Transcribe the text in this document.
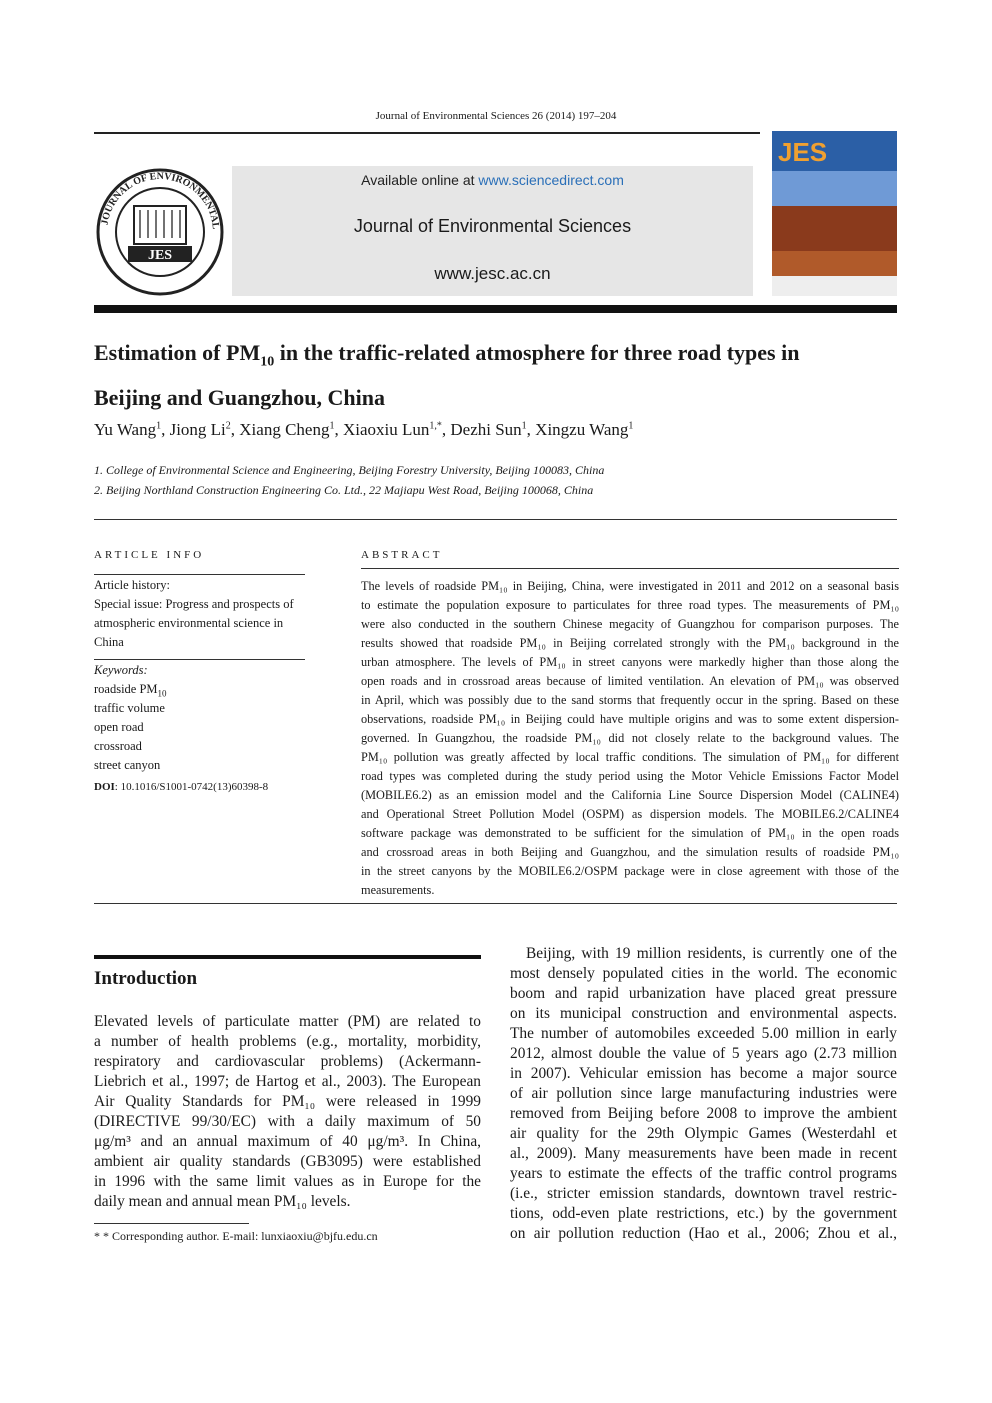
Journal of Environmental Sciences 26 (2014) 197–204
JOURNAL OF ENVIRONMENTAL
JES
Available online at www.sciencedirect.com
Journal of Environmental Sciences
www.jesc.ac.cn
JES
Estimation of $PM_{10}$ in the traffic-related atmosphere for three road types in
Beijing and Guangzhou, China
Yu Wang$^1$, Jiong Li$^2$, Xiang Cheng$^1$, Xiaoxiu Lun$^{1,*}$, Dezhi Sun$^1$, Xingzu Wang$^1$
1. College of Environmental Science and Engineering, Beijing Forestry University, Beijing 100083, China
2. Beijing Northland Construction Engineering Co. Ltd., 22 Majiapu West Road, Beijing 100068, China
ARTICLE INFO
Article history:
Special issue: Progress and prospects of atmospheric environmental science in China
Keywords:
roadside $PM_{10}$
traffic volume
open road
crossroad
street canyon
DOI: 10.1016/S1001-0742(13)60398-8
ABSTRACT
The levels of roadside PM₁₀ in Beijing, China, were investigated in 2011 and 2012 on a seasonal basis
to estimate the population exposure to particulates for three road types. The measurements of PM₁₀
were also conducted in the southern Chinese megacity of Guangzhou for comparison purposes. The
results showed that roadside PM₁₀ in Beijing correlated strongly with the PM₁₀ background in the
urban atmosphere. The levels of PM₁₀ in street canyons were markedly higher than those along the
open roads and in crossroad areas because of limited ventilation. An elevation of PM₁₀ was observed
in April, which was possibly due to the sand storms that frequently occur in the spring. Based on these
observations, roadside PM₁₀ in Beijing could have multiple origins and was to some extent dispersion-
governed. In Guangzhou, the roadside PM₁₀ did not closely relate to the background values. The
PM₁₀ pollution was greatly affected by local traffic conditions. The simulation of PM₁₀ for different
road types was completed during the study period using the Motor Vehicle Emissions Factor Model
(MOBILE6.2) as an emission model and the California Line Source Dispersion Model (CALINE4)
and Operational Street Pollution Model (OSPM) as dispersion models. The MOBILE6.2/CALINE4
software package was demonstrated to be sufficient for the simulation of PM₁₀ in the open roads
and crossroad areas in both Beijing and Guangzhou, and the simulation results of roadside PM₁₀
in the street canyons by the MOBILE6.2/OSPM package were in close agreement with those of the
measurements.
Introduction
Elevated levels of particulate matter (PM) are related to
a number of health problems (e.g., mortality, morbidity,
respiratory and cardiovascular problems) (Ackermann-
Liebrich et al., 1997; de Hartog et al., 2003). The European
Air Quality Standards for PM₁₀ were released in 1999
(DIRECTIVE 99/30/EC) with a daily maximum of 50
μg/m³ and an annual maximum of 40 μg/m³. In China,
ambient air quality standards (GB3095) were established
in 1996 with the same limit values as in Europe for the
daily mean and annual mean PM₁₀ levels.
Beijing, with 19 million residents, is currently one of the
most densely populated cities in the world. The economic
boom and rapid urbanization have placed great pressure
on its municipal construction and environmental aspects.
The number of automobiles exceeded 5.00 million in early
2012, almost double the value of 5 years ago (2.73 million
in 2007). Vehicular emission has become a major source
of air pollution since large manufacturing industries were
removed from Beijing before 2008 to improve the ambient
air quality for the 29th Olympic Games (Westerdahl et
al., 2009). Many measurements have been made in recent
years to estimate the effects of the traffic control programs
(i.e., stricter emission standards, downtown travel restric-
tions, odd-even plate restrictions, etc.) by the government
on air pollution reduction (Hao et al., 2006; Zhou et al.,
* * Corresponding author. E-mail: lunxiaoxiu@bjfu.edu.cn
